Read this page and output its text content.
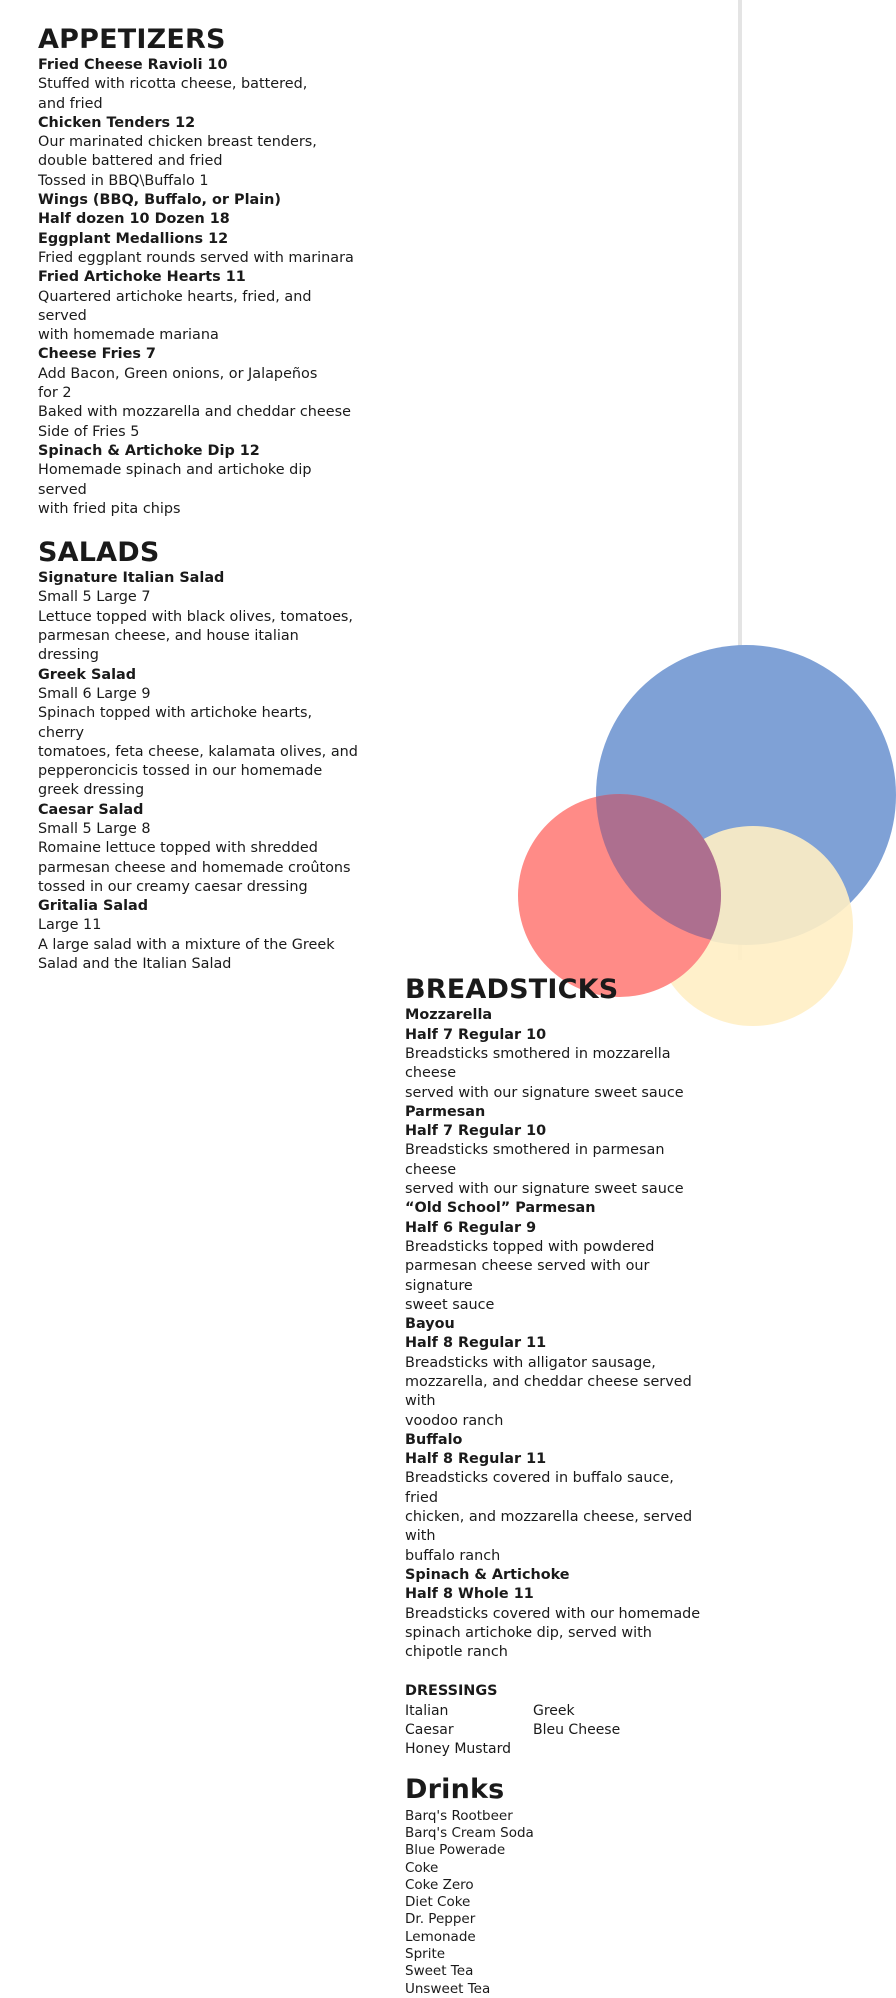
APPETIZERS

Fried Cheese Ravioli 10

Stuffed with ricotta cheese, battered,

and fried

Chicken Tenders 12

Our marinated chicken breast tenders,

double battered and fried

Tossed in BBQ\Buffalo 1

Wings (BBQ, Buffalo, or Plain)

Half dozen 10 Dozen 18

Eggplant Medallions 12

Fried eggplant rounds served with marinara

Fried Artichoke Hearts 11

Quartered artichoke hearts, fried, and served

with homemade mariana

Cheese Fries 7

Add Bacon, Green onions, or Jalapeños

for 2

Baked with mozzarella and cheddar cheese

Side of Fries 5

Spinach & Artichoke Dip 12

Homemade spinach and artichoke dip served

with fried pita chips

SALADS

Signature Italian Salad

Small 5 Large 7

Lettuce topped with black olives, tomatoes,

parmesan cheese, and house italian dressing

Greek Salad

Small 6 Large 9

Spinach topped with artichoke hearts, cherry

tomatoes, feta cheese, kalamata olives, and

pepperoncicis tossed in our homemade

greek dressing

Caesar Salad

Small 5 Large 8

Romaine lettuce topped with shredded

parmesan cheese and homemade croûtons

tossed in our creamy caesar dressing

Gritalia Salad

Large 11

A large salad with a mixture of the Greek

Salad and the Italian Salad

BREADSTICKS

Mozzarella

Half 7 Regular 10

Breadsticks smothered in mozzarella cheese

served with our signature sweet sauce

Parmesan

Half 7 Regular 10

Breadsticks smothered in parmesan cheese

served with our signature sweet sauce

“Old School” Parmesan

Half 6 Regular 9

Breadsticks topped with powdered

parmesan cheese served with our signature

sweet sauce

Bayou

Half 8 Regular 11

Breadsticks with alligator sausage,

mozzarella, and cheddar cheese served with

voodoo ranch

Buffalo

Half 8 Regular 11

Breadsticks covered in buffalo sauce, fried

chicken, and mozzarella cheese, served with

buffalo ranch

Spinach & Artichoke

Half 8 Whole 11

Breadsticks covered with our homemade

spinach artichoke dip, served with

chipotle ranch

DRESSINGS
Italian	Greek
Caesar	Bleu Cheese
Honey Mustard
Drinks
Barq's Rootbeer
Barq's Cream Soda
Blue Powerade
Coke
Coke Zero
Diet Coke
Dr. Pepper
Lemonade
Sprite
Sweet Tea
Unsweet Tea
